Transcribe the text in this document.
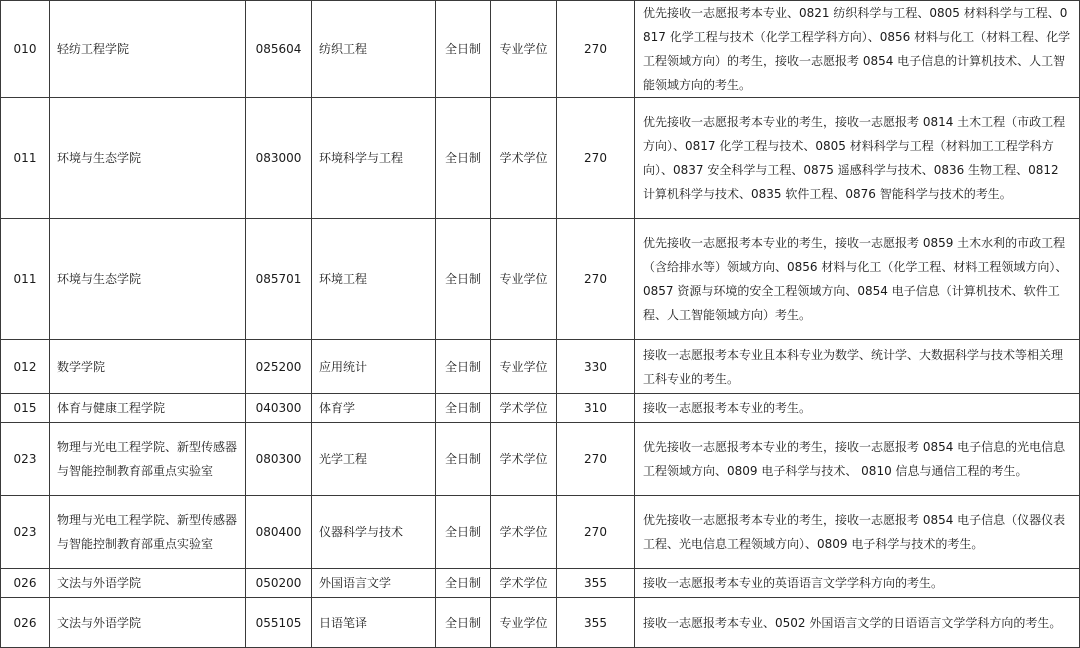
010	轻纺工程学院	085604	纺织工程	全日制	专业学位	270	优先接收一志愿报考本专业、0821 纺织科学与工程、0805 材料科学与工程、0817 化学工程与技术（化学工程学科方向）、0856 材料与化工（材料工程、化学工程领域方向）的考生，接收一志愿报考 0854 电子信息的计算机技术、人工智能领域方向的考生。
011	环境与生态学院	083000	环境科学与工程	全日制	学术学位	270	优先接收一志愿报考本专业的考生，接收一志愿报考 0814 土木工程（市政工程方向）、0817 化学工程与技术、0805 材料科学与工程（材料加工工程学科方向）、0837 安全科学与工程、0875 遥感科学与技术、0836 生物工程、0812 计算机科学与技术、0835 软件工程、0876 智能科学与技术的考生。
011	环境与生态学院	085701	环境工程	全日制	专业学位	270	优先接收一志愿报考本专业的考生，接收一志愿报考 0859 土木水利的市政工程（含给排水等）领域方向、0856 材料与化工（化学工程、材料工程领域方向）、0857 资源与环境的安全工程领域方向、0854 电子信息（计算机技术、软件工程、人工智能领域方向）考生。
012	数学学院	025200	应用统计	全日制	专业学位	330	接收一志愿报考本专业且本科专业为数学、统计学、大数据科学与技术等相关理工科专业的考生。
015	体育与健康工程学院	040300	体育学	全日制	学术学位	310	接收一志愿报考本专业的考生。
023	物理与光电工程学院、新型传感器与智能控制教育部重点实验室	080300	光学工程	全日制	学术学位	270	优先接收一志愿报考本专业的考生，接收一志愿报考 0854 电子信息的光电信息工程领域方向、0809 电子科学与技术、 0810 信息与通信工程的考生。
023	物理与光电工程学院、新型传感器与智能控制教育部重点实验室	080400	仪器科学与技术	全日制	学术学位	270	优先接收一志愿报考本专业的考生，接收一志愿报考 0854 电子信息（仪器仪表工程、光电信息工程领域方向）、0809 电子科学与技术的考生。
026	文法与外语学院	050200	外国语言文学	全日制	学术学位	355	接收一志愿报考本专业的英语语言文学学科方向的考生。
026	文法与外语学院	055105	日语笔译	全日制	专业学位	355	接收一志愿报考本专业、0502 外国语言文学的日语语言文学学科方向的考生。
